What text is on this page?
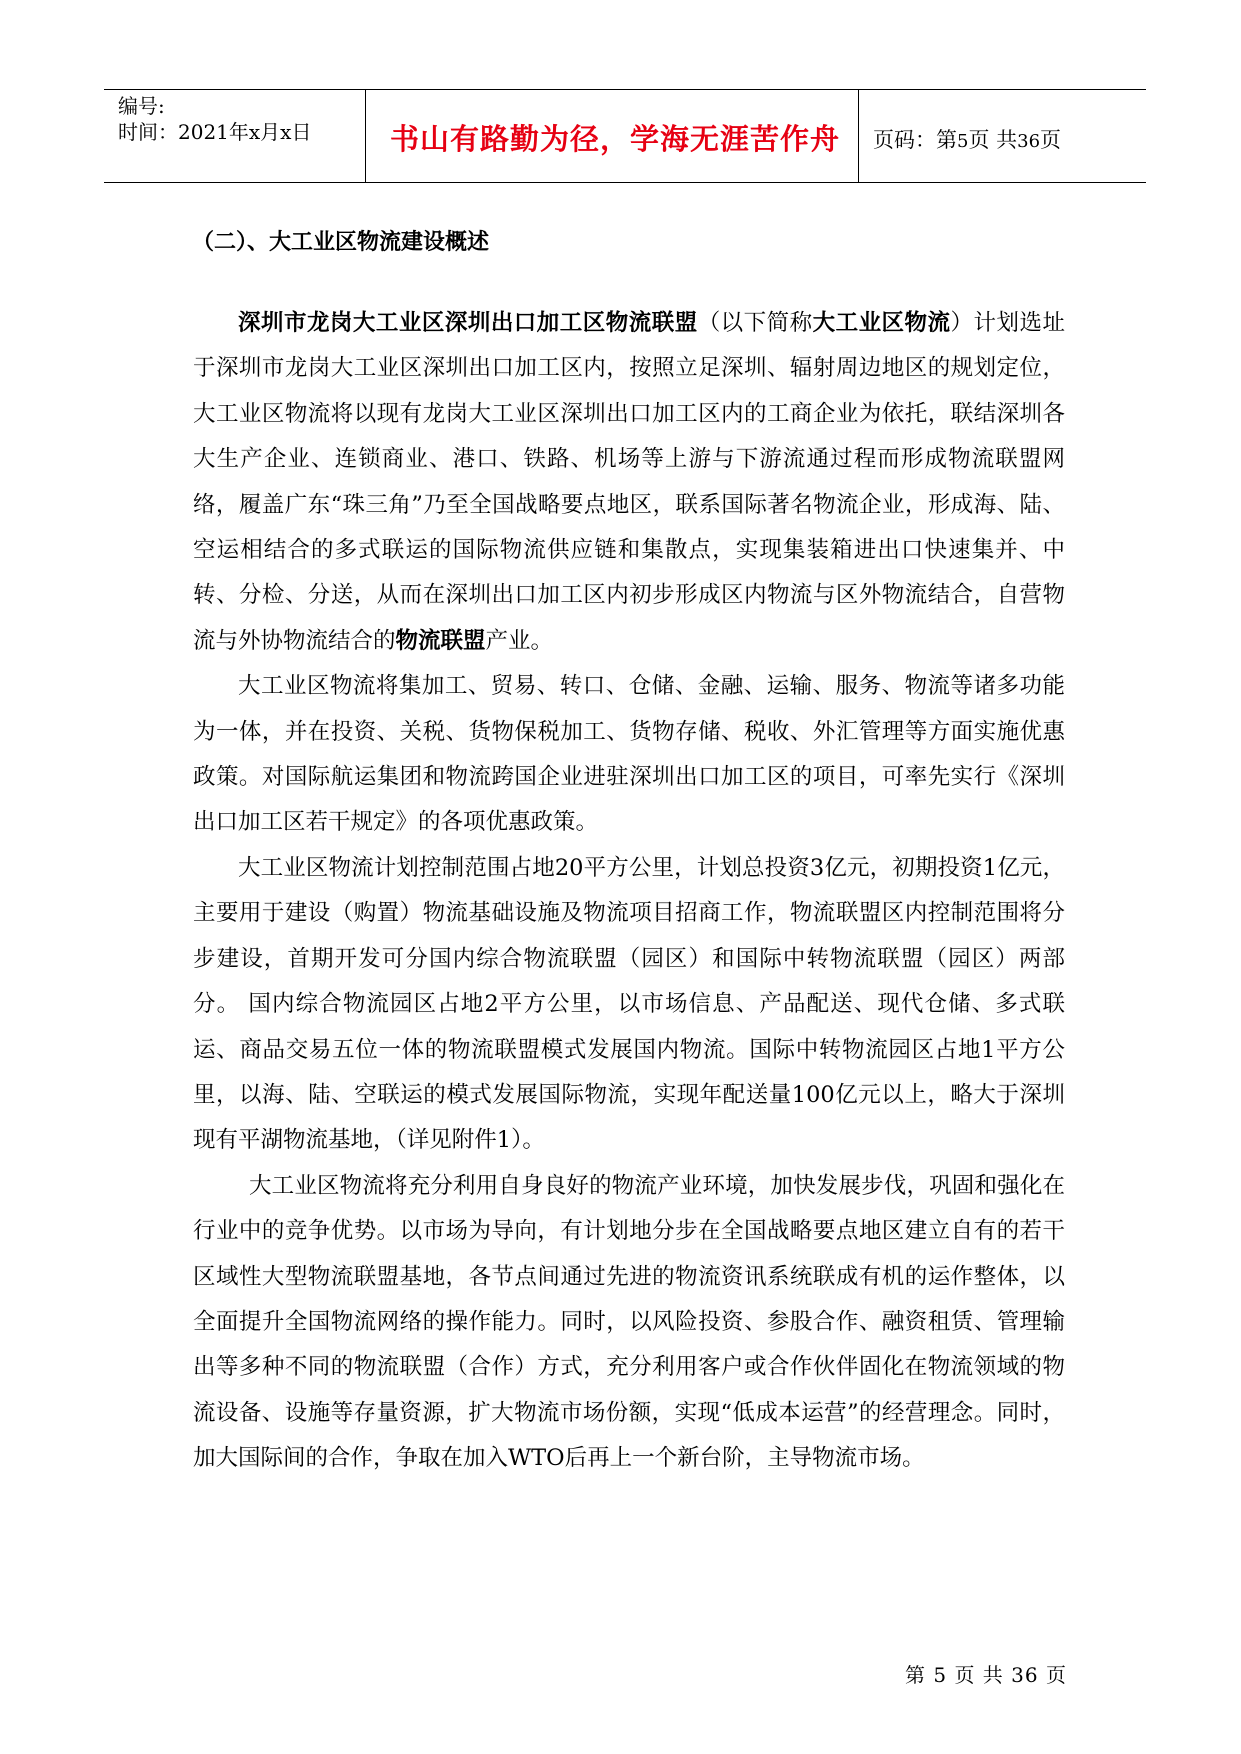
编号:
时间：2021年x月x日	书山有路勤为径，学海无涯苦作舟	页码：第5页 共36页
（二）、大工业区物流建设概述

深圳市龙岗大工业区深圳出口加工区物流联盟（以下简称大工业区物流）计划选址于深圳市龙岗大工业区深圳出口加工区内，按照立足深圳、辐射周边地区的规划定位，大工业区物流将以现有龙岗大工业区深圳出口加工区内的工商企业为依托，联结深圳各大生产企业、连锁商业、港口、铁路、机场等上游与下游流通过程而形成物流联盟网络，履盖广东“珠三角”乃至全国战略要点地区，联系国际著名物流企业，形成海、陆、空运相结合的多式联运的国际物流供应链和集散点，实现集装箱进出口快速集并、中转、分检、分送，从而在深圳出口加工区内初步形成区内物流与区外物流结合，自营物流与外协物流结合的物流联盟产业。

大工业区物流将集加工、贸易、转口、仓储、金融、运输、服务、物流等诸多功能为一体，并在投资、关税、货物保税加工、货物存储、税收、外汇管理等方面实施优惠政策。对国际航运集团和物流跨国企业进驻深圳出口加工区的项目，可率先实行《深圳出口加工区若干规定》的各项优惠政策。

大工业区物流计划控制范围占地20平方公里，计划总投资3亿元，初期投资1亿元，主要用于建设（购置）物流基础设施及物流项目招商工作，物流联盟区内控制范围将分步建设，首期开发可分国内综合物流联盟（园区）和国际中转物流联盟（园区）两部分。 国内综合物流园区占地2平方公里，以市场信息、产品配送、现代仓储、多式联运、商品交易五位一体的物流联盟模式发展国内物流。国际中转物流园区占地1平方公里，以海、陆、空联运的模式发展国际物流，实现年配送量100亿元以上，略大于深圳现有平湖物流基地，（详见附件1）。

大工业区物流将充分利用自身良好的物流产业环境，加快发展步伐，巩固和强化在行业中的竞争优势。以市场为导向，有计划地分步在全国战略要点地区建立自有的若干区域性大型物流联盟基地，各节点间通过先进的物流资讯系统联成有机的运作整体，以全面提升全国物流网络的操作能力。同时，以风险投资、参股合作、融资租赁、管理输出等多种不同的物流联盟（合作）方式，充分利用客户或合作伙伴固化在物流领域的物流设备、设施等存量资源，扩大物流市场份额，实现“低成本运营”的经营理念。同时，加大国际间的合作，争取在加入WTO后再上一个新台阶，主导物流市场。

第 5 页 共 36 页
